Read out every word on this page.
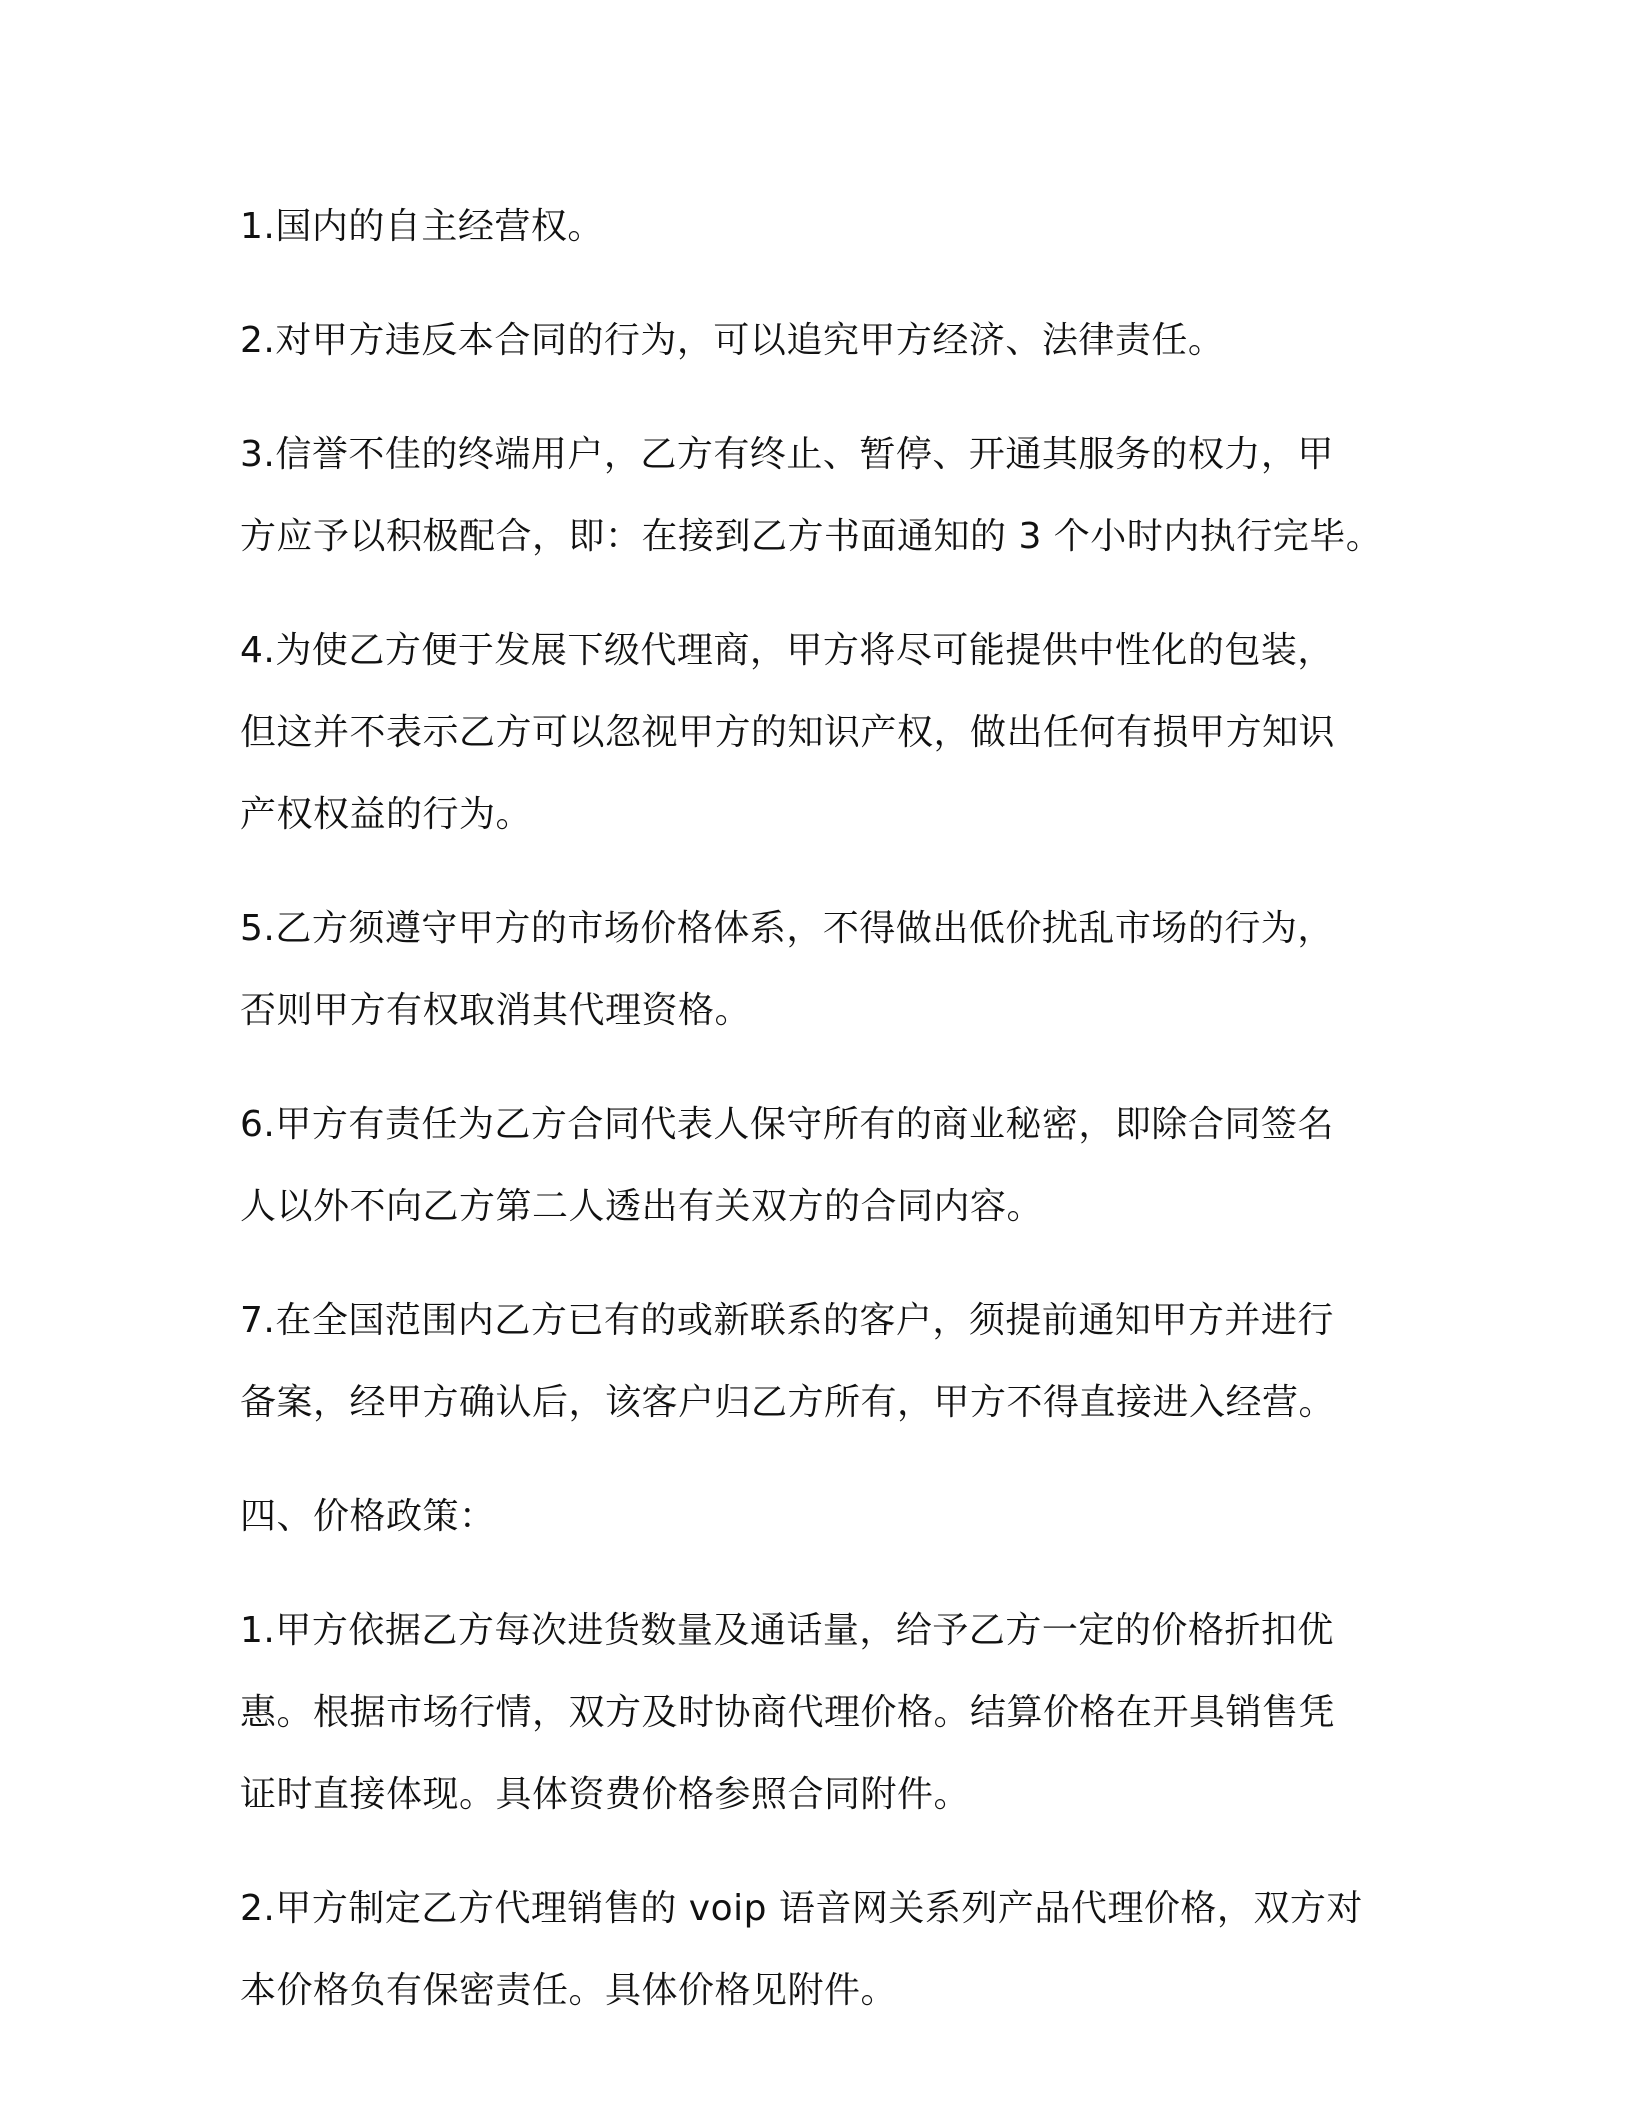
1.国内的自主经营权。

2.对甲方违反本合同的行为，可以追究甲方经济、法律责任。

3.信誉不佳的终端用户，乙方有终止、暂停、开通其服务的权力，甲
方应予以积极配合，即：在接到乙方书面通知的 3 个小时内执行完毕。

4.为使乙方便于发展下级代理商，甲方将尽可能提供中性化的包装，
但这并不表示乙方可以忽视甲方的知识产权，做出任何有损甲方知识
产权权益的行为。

5.乙方须遵守甲方的市场价格体系，不得做出低价扰乱市场的行为，
否则甲方有权取消其代理资格。

6.甲方有责任为乙方合同代表人保守所有的商业秘密，即除合同签名
人以外不向乙方第二人透出有关双方的合同内容。

7.在全国范围内乙方已有的或新联系的客户，须提前通知甲方并进行
备案，经甲方确认后，该客户归乙方所有，甲方不得直接进入经营。

四、价格政策：

1.甲方依据乙方每次进货数量及通话量，给予乙方一定的价格折扣优
惠。根据市场行情，双方及时协商代理价格。结算价格在开具销售凭
证时直接体现。具体资费价格参照合同附件。

2.甲方制定乙方代理销售的 voip 语音网关系列产品代理价格，双方对
本价格负有保密责任。具体价格见附件。
